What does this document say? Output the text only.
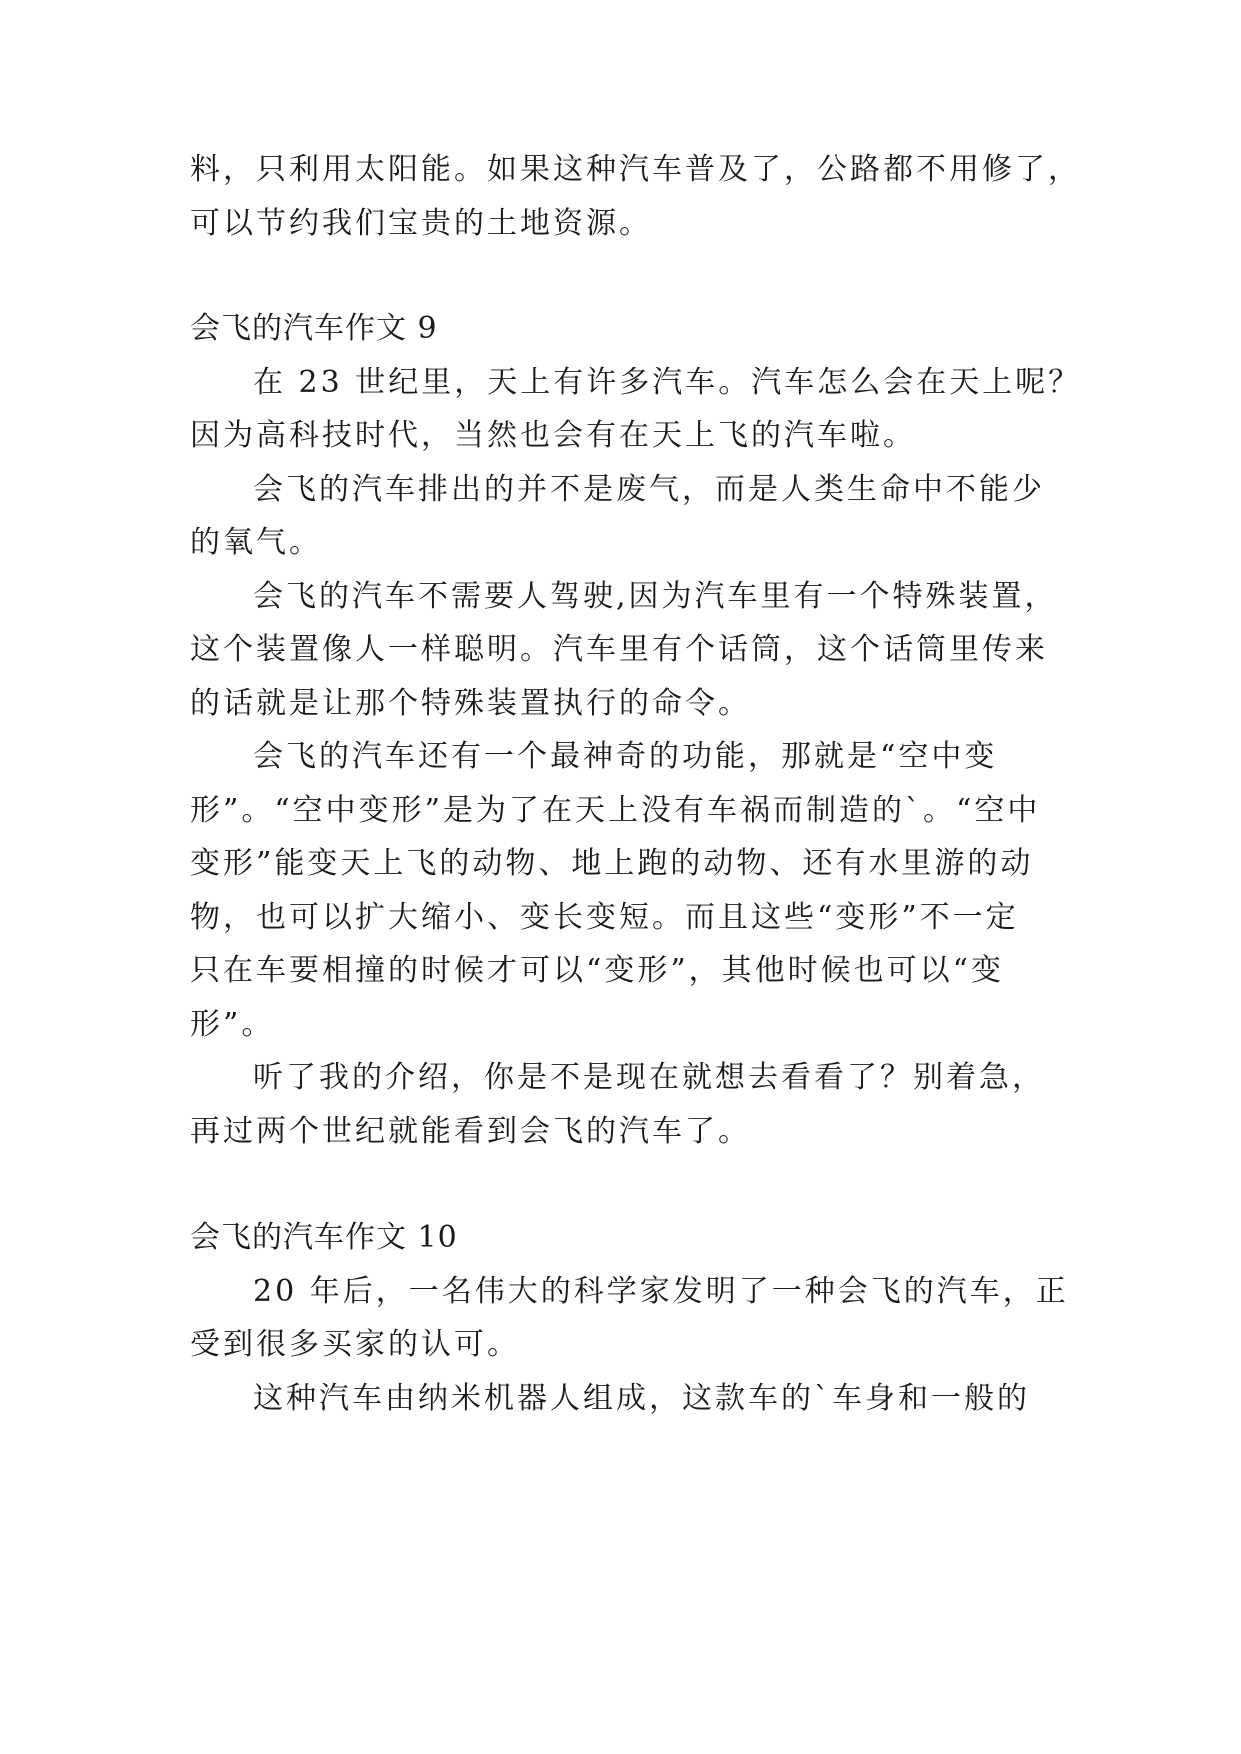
料，只利用太阳能。如果这种汽车普及了，公路都不用修了，
可以节约我们宝贵的土地资源。
会飞的汽车作文 9
在 23 世纪里，天上有许多汽车。汽车怎么会在天上呢？
因为高科技时代，当然也会有在天上飞的汽车啦。
会飞的汽车排出的并不是废气，而是人类生命中不能少
的氧气。
会飞的汽车不需要人驾驶,因为汽车里有一个特殊装置，
这个装置像人一样聪明。汽车里有个话筒，这个话筒里传来
的话就是让那个特殊装置执行的命令。
会飞的汽车还有一个最神奇的功能，那就是“空中变
形”。“空中变形”是为了在天上没有车祸而制造的`。“空中
变形”能变天上飞的动物、地上跑的动物、还有水里游的动
物，也可以扩大缩小、变长变短。而且这些“变形”不一定
只在车要相撞的时候才可以“变形”，其他时候也可以“变
形”。
听了我的介绍，你是不是现在就想去看看了？别着急，
再过两个世纪就能看到会飞的汽车了。
会飞的汽车作文 10
20 年后，一名伟大的科学家发明了一种会飞的汽车，正
受到很多买家的认可。
这种汽车由纳米机器人组成，这款车的`车身和一般的
